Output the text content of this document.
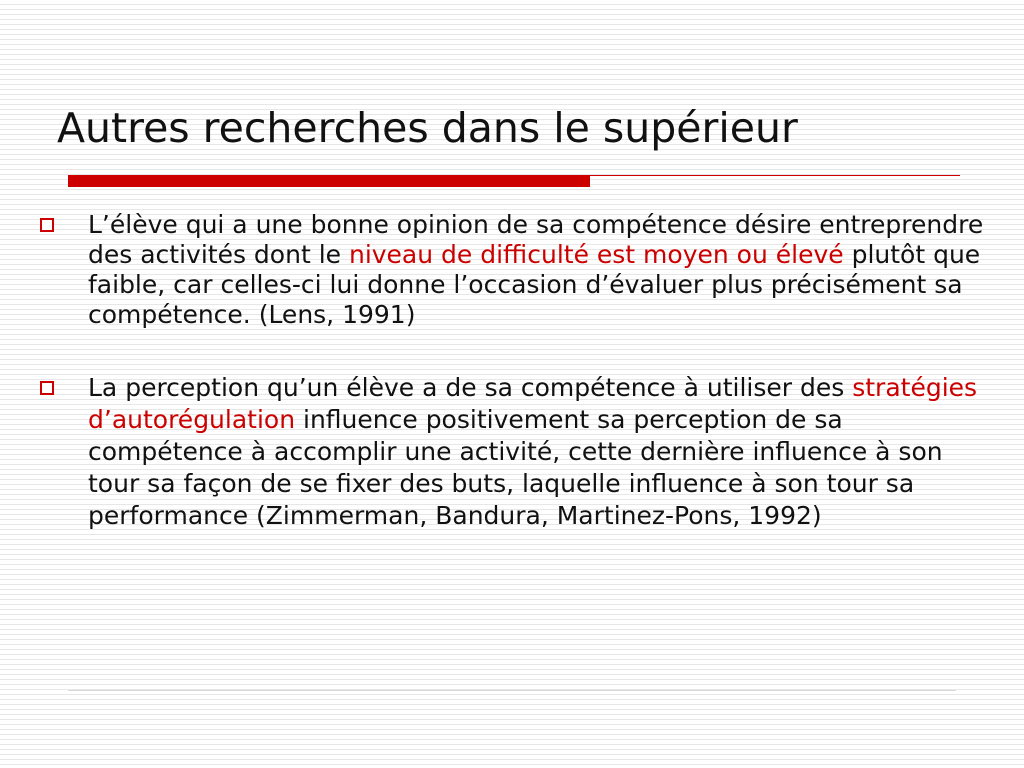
Autres recherches dans le supérieur
L’élève qui a une bonne opinion de sa compétence désire entreprendre des activités dont le niveau de difficulté est moyen ou élevé plutôt que faible, car celles-ci lui donne l’occasion d’évaluer plus précisément sa compétence. (Lens, 1991)
La perception qu’un élève a de sa compétence à utiliser des stratégies d’autorégulation influence positivement sa perception de sa compétence à accomplir une activité, cette dernière influence à son tour sa façon de se fixer des buts, laquelle influence à son tour sa performance (Zimmerman, Bandura, Martinez-Pons, 1992)
